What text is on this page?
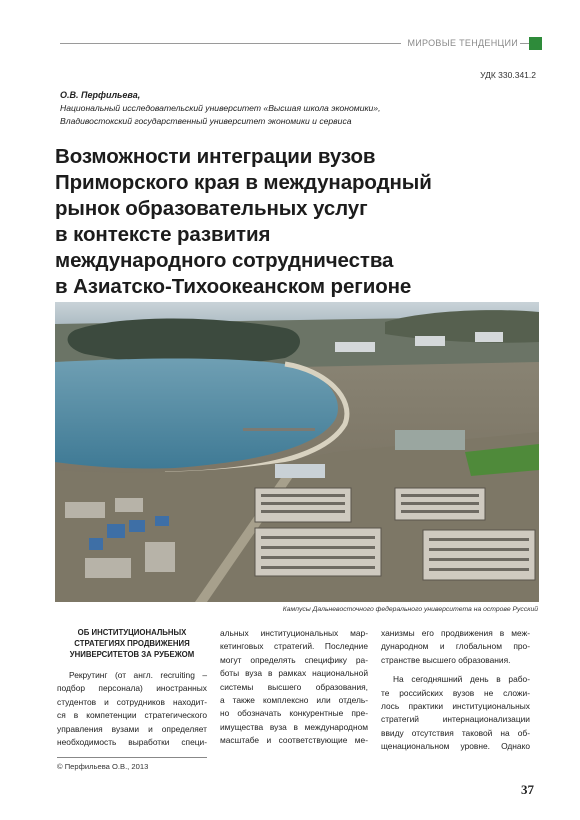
МИРОВЫЕ ТЕНДЕНЦИИ
УДК 330.341.2
О.В. Перфильева,
Национальный исследовательский университет «Высшая школа экономики»,
Владивостокский государственный университет экономики и сервиса
Возможности интеграции вузов
Приморского края в международный
рынок образовательных услуг
в контексте развития
международного сотрудничества
в Азиатско-Тихоокеанском регионе
Кампусы Дальневосточного федерального университета на острове Русский
ОБ ИНСТИТУЦИОНАЛЬНЫХ
СТРАТЕГИЯХ ПРОДВИЖЕНИЯ
УНИВЕРСИТЕТОВ ЗА РУБЕЖОМ

Рекрутинг (от англ. recruiting –
подбор персонала) иностранных
студентов и сотрудников находит-
ся в компетенции стратегического
управления вузами и определяет
необходимость выработки специ-

альных институциональных мар-
кетинговых стратегий. Последние
могут определять специфику ра-
боты вуза в рамках национальной
системы высшего образования,
а также комплексно или отдель-
но обозначать конкурентные пре-
имущества вуза в международном
масштабе и соответствующие ме-

ханизмы его продвижения в меж-
дународном и глобальном про-
странстве высшего образования.

На сегодняшний день в рабо-
те российских вузов не сложи-
лось практики институциональных
стратегий интернационализации
ввиду отсутствия таковой на об-
щенациональном уровне. Однако

© Перфильева О.В., 2013
37
